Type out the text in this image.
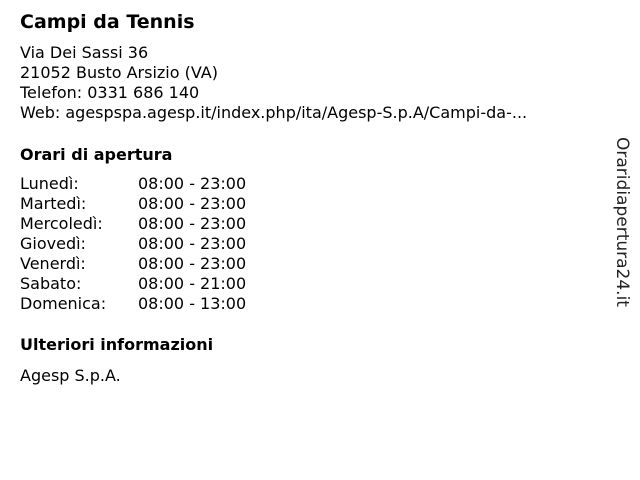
Campi da Tennis
Via Dei Sassi 36
21052 Busto Arsizio (VA)
Telefon: 0331 686 140
Web: agespspa.agesp.it/index.php/ita/Agesp-S.p.A/Campi-da-...
Orari di apertura
Lunedì:	08:00 - 23:00
Martedì:	08:00 - 23:00
Mercoledì: 08:00 - 23:00
Giovedì:	08:00 - 23:00
Venerdì:	08:00 - 23:00
Sabato:	08:00 - 21:00
Domenica: 08:00 - 13:00
Ulteriori informazioni
Agesp S.p.A.
Oraridiapertura24.it
